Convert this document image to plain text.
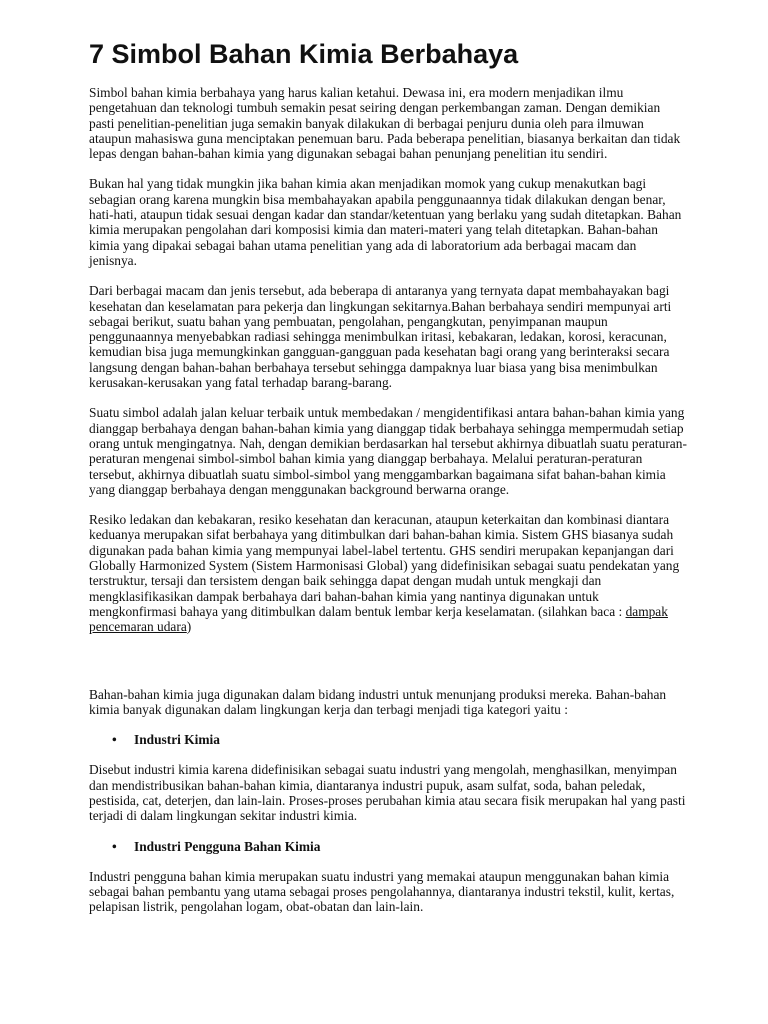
7 Simbol Bahan Kimia Berbahaya

Simbol bahan kimia berbahaya yang harus kalian ketahui. Dewasa ini, era modern menjadikan ilmu pengetahuan dan teknologi tumbuh semakin pesat seiring dengan perkembangan zaman. Dengan demikian pasti penelitian-penelitian juga semakin banyak dilakukan di berbagai penjuru dunia oleh para ilmuwan ataupun mahasiswa guna menciptakan penemuan baru. Pada beberapa penelitian, biasanya berkaitan dan tidak lepas dengan bahan-bahan kimia yang digunakan sebagai bahan penunjang penelitian itu sendiri.

Bukan hal yang tidak mungkin jika bahan kimia akan menjadikan momok yang cukup menakutkan bagi sebagian orang karena mungkin bisa membahayakan apabila penggunaannya tidak dilakukan dengan benar, hati-hati, ataupun tidak sesuai dengan kadar dan standar/ketentuan yang berlaku yang sudah ditetapkan. Bahan kimia merupakan pengolahan dari komposisi kimia dan materi-materi yang telah ditetapkan. Bahan-bahan kimia yang dipakai sebagai bahan utama penelitian yang ada di laboratorium ada berbagai macam dan jenisnya.

Dari berbagai macam dan jenis tersebut, ada beberapa di antaranya yang ternyata dapat membahayakan bagi kesehatan dan keselamatan para pekerja dan lingkungan sekitarnya.Bahan berbahaya sendiri mempunyai arti sebagai berikut, suatu bahan yang pembuatan, pengolahan, pengangkutan, penyimpanan maupun penggunaannya menyebabkan radiasi sehingga menimbulkan iritasi, kebakaran, ledakan, korosi, keracunan, kemudian bisa juga memungkinkan gangguan-gangguan pada kesehatan bagi orang yang berinteraksi secara langsung dengan bahan-bahan berbahaya tersebut sehingga dampaknya luar biasa yang bisa menimbulkan kerusakan-kerusakan yang fatal terhadap barang-barang.

Suatu simbol adalah jalan keluar terbaik untuk membedakan / mengidentifikasi antara bahan-bahan kimia yang dianggap berbahaya dengan bahan-bahan kimia yang dianggap tidak berbahaya sehingga mempermudah setiap orang untuk mengingatnya. Nah, dengan demikian berdasarkan hal tersebut akhirnya dibuatlah suatu peraturan-peraturan mengenai simbol-simbol bahan kimia yang dianggap berbahaya. Melalui peraturan-peraturan tersebut, akhirnya dibuatlah suatu simbol-simbol yang menggambarkan bagaimana sifat bahan-bahan kimia yang dianggap berbahaya dengan menggunakan background berwarna orange.

Resiko ledakan dan kebakaran, resiko kesehatan dan keracunan, ataupun keterkaitan dan kombinasi diantara keduanya merupakan sifat berbahaya yang ditimbulkan dari bahan-bahan kimia. Sistem GHS biasanya sudah digunakan pada bahan kimia yang mempunyai label-label tertentu. GHS sendiri merupakan kepanjangan dari Globally Harmonized System (Sistem Harmonisasi Global) yang didefinisikan sebagai suatu pendekatan yang terstruktur, tersaji dan tersistem dengan baik sehingga dapat dengan mudah untuk mengkaji dan mengklasifikasikan dampak berbahaya dari bahan-bahan kimia yang nantinya digunakan untuk mengkonfirmasi bahaya yang ditimbulkan dalam bentuk lembar kerja keselamatan. (silahkan baca : dampak pencemaran udara)

Bahan-bahan kimia juga digunakan dalam bidang industri untuk menunjang produksi mereka. Bahan-bahan kimia banyak digunakan dalam lingkungan kerja dan terbagi menjadi tiga kategori yaitu :

• Industri Kimia

Disebut industri kimia karena didefinisikan sebagai suatu industri yang mengolah, menghasilkan, menyimpan dan mendistribusikan bahan-bahan kimia, diantaranya industri pupuk, asam sulfat, soda, bahan peledak, pestisida, cat, deterjen, dan lain-lain. Proses-proses perubahan kimia atau secara fisik merupakan hal yang pasti terjadi di dalam lingkungan sekitar industri kimia.

• Industri Pengguna Bahan Kimia

Industri pengguna bahan kimia merupakan suatu industri yang memakai ataupun menggunakan bahan kimia sebagai bahan pembantu yang utama sebagai proses pengolahannya, diantaranya industri tekstil, kulit, kertas, pelapisan listrik, pengolahan logam, obat-obatan dan lain-lain.
